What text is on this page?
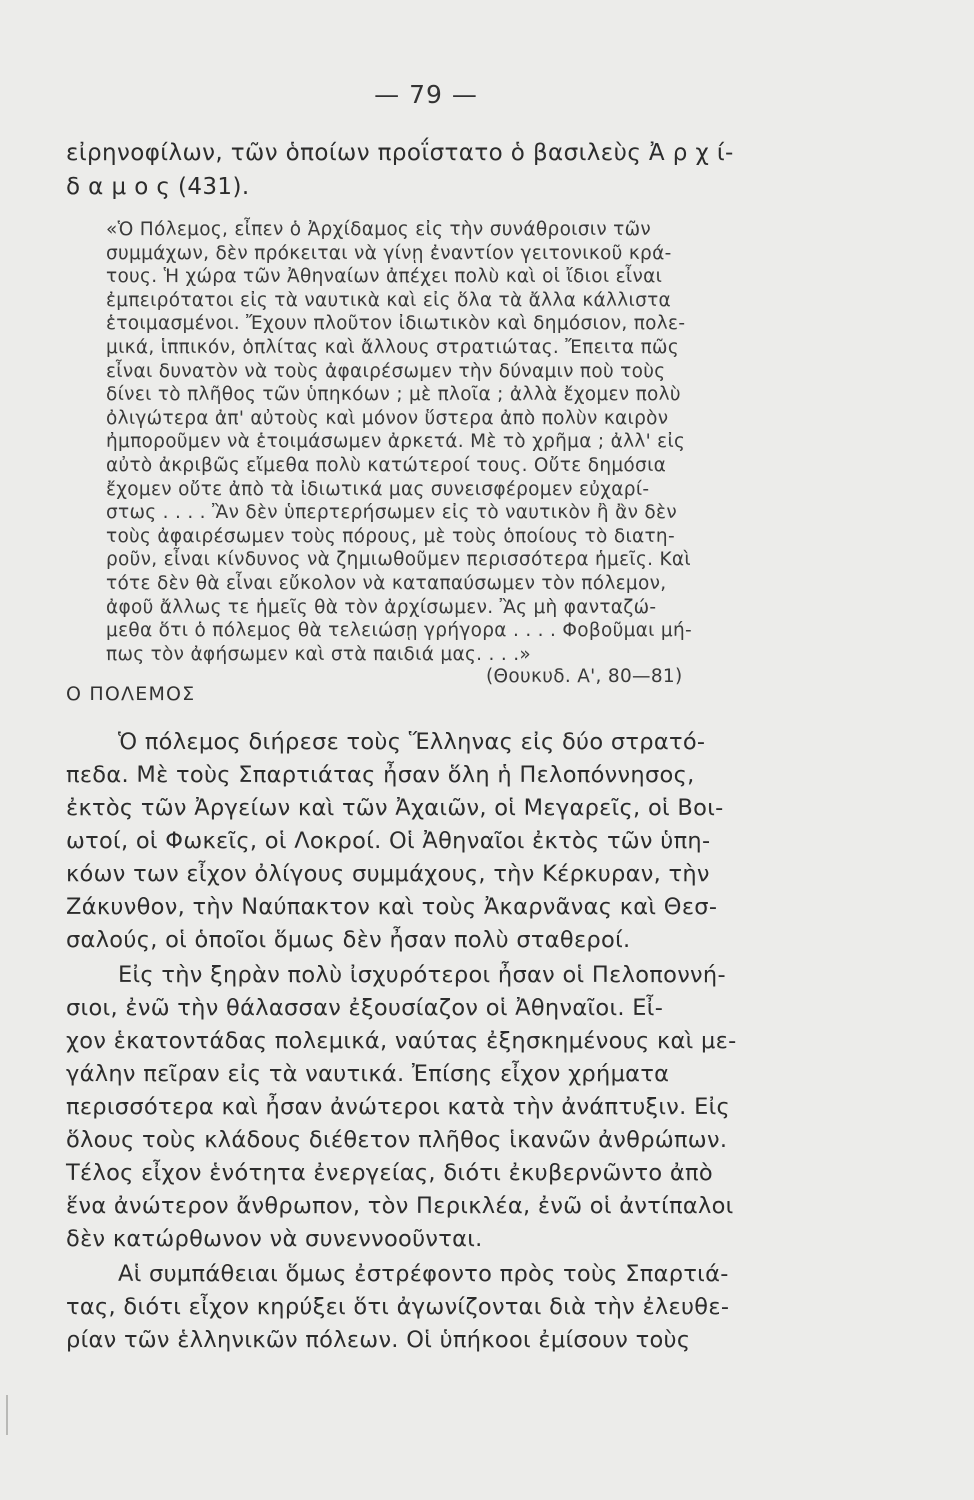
— 79 —
εἰρηνοφίλων, τῶν ὁποίων προΐστατο ὁ βασιλεὺς Ἀ ρ χ ί-
δ α μ ο ς (431).
«Ὁ Πόλεμος, εἶπεν ὁ Ἀρχίδαμος εἰς τὴν συνάθροισιν τῶν
συμμάχων, δὲν πρόκειται νὰ γίνῃ ἐναντίον γειτονικοῦ κρά-
τους. Ἡ χώρα τῶν Ἀθηναίων ἀπέχει πολὺ καὶ οἱ ἴδιοι εἶναι
ἐμπειρότατοι εἰς τὰ ναυτικὰ καὶ εἰς ὅλα τὰ ἄλλα κάλλιστα
ἑτοιμασμένοι. Ἔχουν πλοῦτον ἰδιωτικὸν καὶ δημόσιον, πολε-
μικά, ἱππικόν, ὁπλίτας καὶ ἄλλους στρατιώτας. Ἔπειτα πῶς
εἶναι δυνατὸν νὰ τοὺς ἀφαιρέσωμεν τὴν δύναμιν ποὺ τοὺς
δίνει τὸ πλῆθος τῶν ὑπηκόων ; μὲ πλοῖα ; ἀλλὰ ἔχομεν πολὺ
ὀλιγώτερα ἀπ' αὐτοὺς καὶ μόνον ὕστερα ἀπὸ πολὺν καιρὸν
ἠμποροῦμεν νὰ ἑτοιμάσωμεν ἀρκετά. Μὲ τὸ χρῆμα ; ἀλλ' εἰς
αὐτὸ ἀκριβῶς εἴμεθα πολὺ κατώτεροί τους. Οὔτε δημόσια
ἔχομεν οὔτε ἀπὸ τὰ ἰδιωτικά μας συνεισφέρομεν εὐχαρί-
στως . . . . Ἂν δὲν ὑπερτερήσωμεν εἰς τὸ ναυτικὸν ἢ ἂν δὲν
τοὺς ἀφαιρέσωμεν τοὺς πόρους, μὲ τοὺς ὁποίους τὸ διατη-
ροῦν, εἶναι κίνδυνος νὰ ζημιωθοῦμεν περισσότερα ἡμεῖς. Καὶ
τότε δὲν θὰ εἶναι εὔκολον νὰ καταπαύσωμεν τὸν πόλεμον,
ἀφοῦ ἄλλως τε ἡμεῖς θὰ τὸν ἀρχίσωμεν. Ἂς μὴ φανταζώ-
μεθα ὅτι ὁ πόλεμος θὰ τελειώσῃ γρήγορα . . . . Φοβοῦμαι μή-
πως τὸν ἀφήσωμεν καὶ στὰ παιδιά μας. . . .»
(Θουκυδ. Α', 80—81)
Ο ΠΟΛΕΜΟΣ
Ὁ πόλεμος διήρεσε τοὺς Ἕλληνας εἰς δύο στρατό-
πεδα. Μὲ τοὺς Σπαρτιάτας ἦσαν ὅλη ἡ Πελοπόννησος,
ἐκτὸς τῶν Ἀργείων καὶ τῶν Ἀχαιῶν, οἱ Μεγαρεῖς, οἱ Βοι-
ωτοί, οἱ Φωκεῖς, οἱ Λοκροί. Οἱ Ἀθηναῖοι ἐκτὸς τῶν ὑπη-
κόων των εἶχον ὀλίγους συμμάχους, τὴν Κέρκυραν, τὴν
Ζάκυνθον, τὴν Ναύπακτον καὶ τοὺς Ἀκαρνᾶνας καὶ Θεσ-
σαλούς, οἱ ὁποῖοι ὅμως δὲν ἦσαν πολὺ σταθεροί.
Εἰς τὴν ξηρὰν πολὺ ἰσχυρότεροι ἦσαν οἱ Πελοποννή-
σιοι, ἐνῶ τὴν θάλασσαν ἐξουσίαζον οἱ Ἀθηναῖοι. Εἶ-
χον ἑκατοντάδας πολεμικά, ναύτας ἐξησκημένους καὶ με-
γάλην πεῖραν εἰς τὰ ναυτικά. Ἐπίσης εἶχον χρήματα
περισσότερα καὶ ἦσαν ἀνώτεροι κατὰ τὴν ἀνάπτυξιν. Εἰς
ὅλους τοὺς κλάδους διέθετον πλῆθος ἱκανῶν ἀνθρώπων.
Τέλος εἶχον ἑνότητα ἐνεργείας, διότι ἐκυβερνῶντο ἀπὸ
ἕνα ἀνώτερον ἄνθρωπον, τὸν Περικλέα, ἐνῶ οἱ ἀντίπαλοι
δὲν κατώρθωνον νὰ συνεννοοῦνται.
Αἱ συμπάθειαι ὅμως ἐστρέφοντο πρὸς τοὺς Σπαρτιά-
τας, διότι εἶχον κηρύξει ὅτι ἀγωνίζονται διὰ τὴν ἐλευθε-
ρίαν τῶν ἑλληνικῶν πόλεων. Οἱ ὑπήκοοι ἐμίσουν τοὺς
